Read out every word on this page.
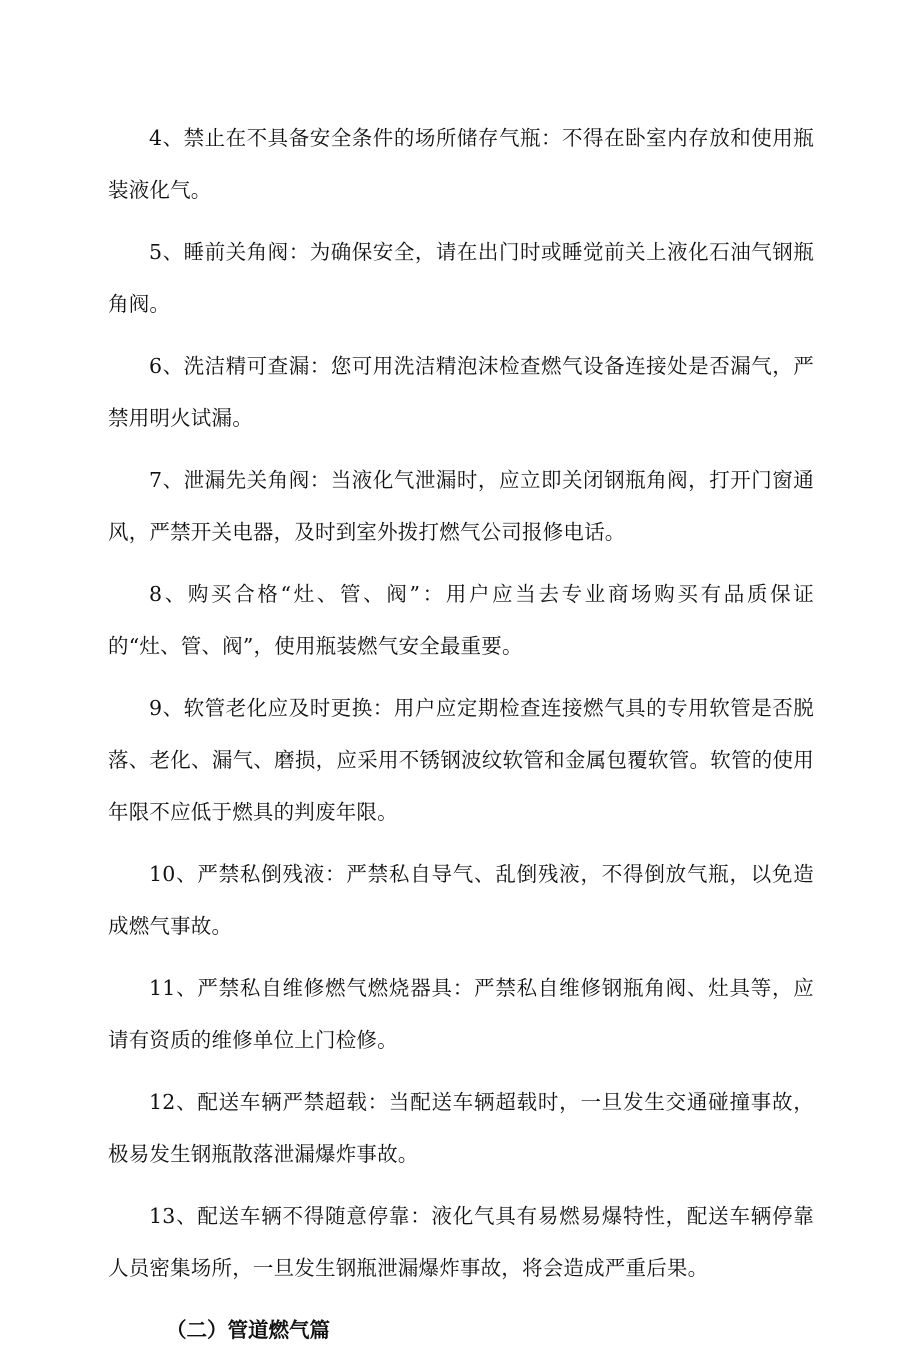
4、禁止在不具备安全条件的场所储存气瓶：不得在卧室内存放和使用瓶装液化气。

5、睡前关角阀：为确保安全，请在出门时或睡觉前关上液化石油气钢瓶角阀。

6、洗洁精可查漏：您可用洗洁精泡沫检查燃气设备连接处是否漏气，严禁用明火试漏。

7、泄漏先关角阀：当液化气泄漏时，应立即关闭钢瓶角阀，打开门窗通风，严禁开关电器，及时到室外拨打燃气公司报修电话。

8、购买合格“灶、管、阀”：用户应当去专业商场购买有品质保证的“灶、管、阀”，使用瓶装燃气安全最重要。

9、软管老化应及时更换：用户应定期检查连接燃气具的专用软管是否脱落、老化、漏气、磨损，应采用不锈钢波纹软管和金属包覆软管。软管的使用年限不应低于燃具的判废年限。

10、严禁私倒残液：严禁私自导气、乱倒残液，不得倒放气瓶，以免造成燃气事故。

11、严禁私自维修燃气燃烧器具：严禁私自维修钢瓶角阀、灶具等，应请有资质的维修单位上门检修。

12、配送车辆严禁超载：当配送车辆超载时，一旦发生交通碰撞事故，极易发生钢瓶散落泄漏爆炸事故。

13、配送车辆不得随意停靠：液化气具有易燃易爆特性，配送车辆停靠人员密集场所，一旦发生钢瓶泄漏爆炸事故，将会造成严重后果。

（二）管道燃气篇
